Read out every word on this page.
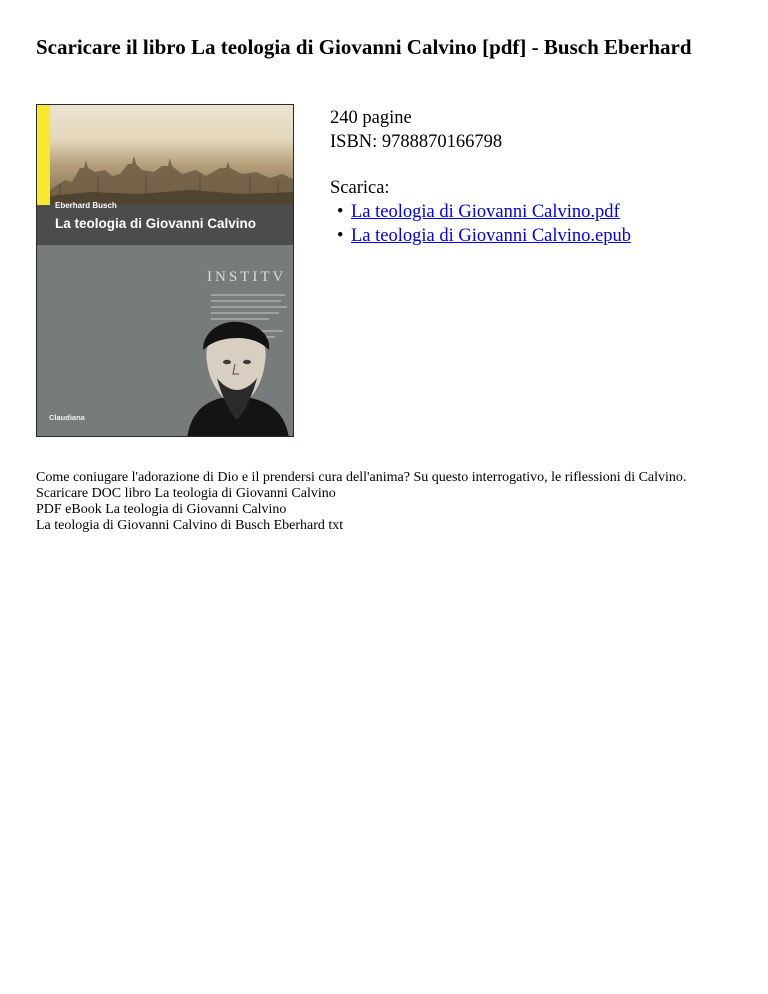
Scaricare il libro La teologia di Giovanni Calvino [pdf] - Busch Eberhard
Eberhard Busch
La teologia di Giovanni Calvino
INSTITV
Claudiana
240 pagine
ISBN: 9788870166798
Scarica:
• La teologia di Giovanni Calvino.pdf
• La teologia di Giovanni Calvino.epub

Come coniugare l'adorazione di Dio e il prendersi cura dell'anima? Su questo interrogativo, le riflessioni di Calvino.

Scaricare DOC libro La teologia di Giovanni Calvino

PDF eBook La teologia di Giovanni Calvino

La teologia di Giovanni Calvino di Busch Eberhard txt
